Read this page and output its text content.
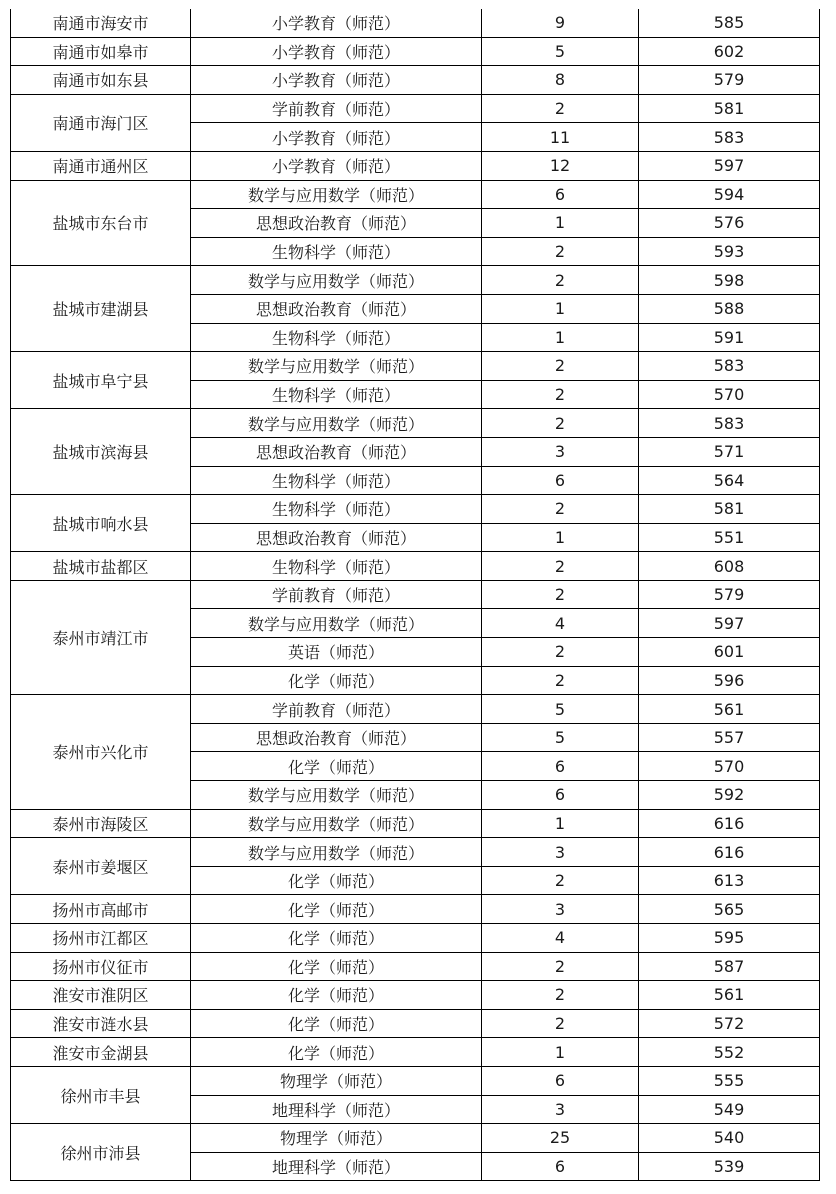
南通市海安市	小学教育（师范）	9	585
南通市如皋市	小学教育（师范）	5	602
南通市如东县	小学教育（师范）	8	579
南通市海门区	学前教育（师范）	2	581
	小学教育（师范）	11	583
南通市通州区	小学教育（师范）	12	597
盐城市东台市	数学与应用数学（师范）	6	594
	思想政治教育（师范）	1	576
	生物科学（师范）	2	593
盐城市建湖县	数学与应用数学（师范）	2	598
	思想政治教育（师范）	1	588
	生物科学（师范）	1	591
盐城市阜宁县	数学与应用数学（师范）	2	583
	生物科学（师范）	2	570
盐城市滨海县	数学与应用数学（师范）	2	583
	思想政治教育（师范）	3	571
	生物科学（师范）	6	564
盐城市响水县	生物科学（师范）	2	581
	思想政治教育（师范）	1	551
盐城市盐都区	生物科学（师范）	2	608
泰州市靖江市	学前教育（师范）	2	579
	数学与应用数学（师范）	4	597
	英语（师范）	2	601
	化学（师范）	2	596
泰州市兴化市	学前教育（师范）	5	561
	思想政治教育（师范）	5	557
	化学（师范）	6	570
	数学与应用数学（师范）	6	592
泰州市海陵区	数学与应用数学（师范）	1	616
泰州市姜堰区	数学与应用数学（师范）	3	616
	化学（师范）	2	613
扬州市高邮市	化学（师范）	3	565
扬州市江都区	化学（师范）	4	595
扬州市仪征市	化学（师范）	2	587
淮安市淮阴区	化学（师范）	2	561
淮安市涟水县	化学（师范）	2	572
淮安市金湖县	化学（师范）	1	552
徐州市丰县	物理学（师范）	6	555
	地理科学（师范）	3	549
徐州市沛县	物理学（师范）	25	540
	地理科学（师范）	6	539
